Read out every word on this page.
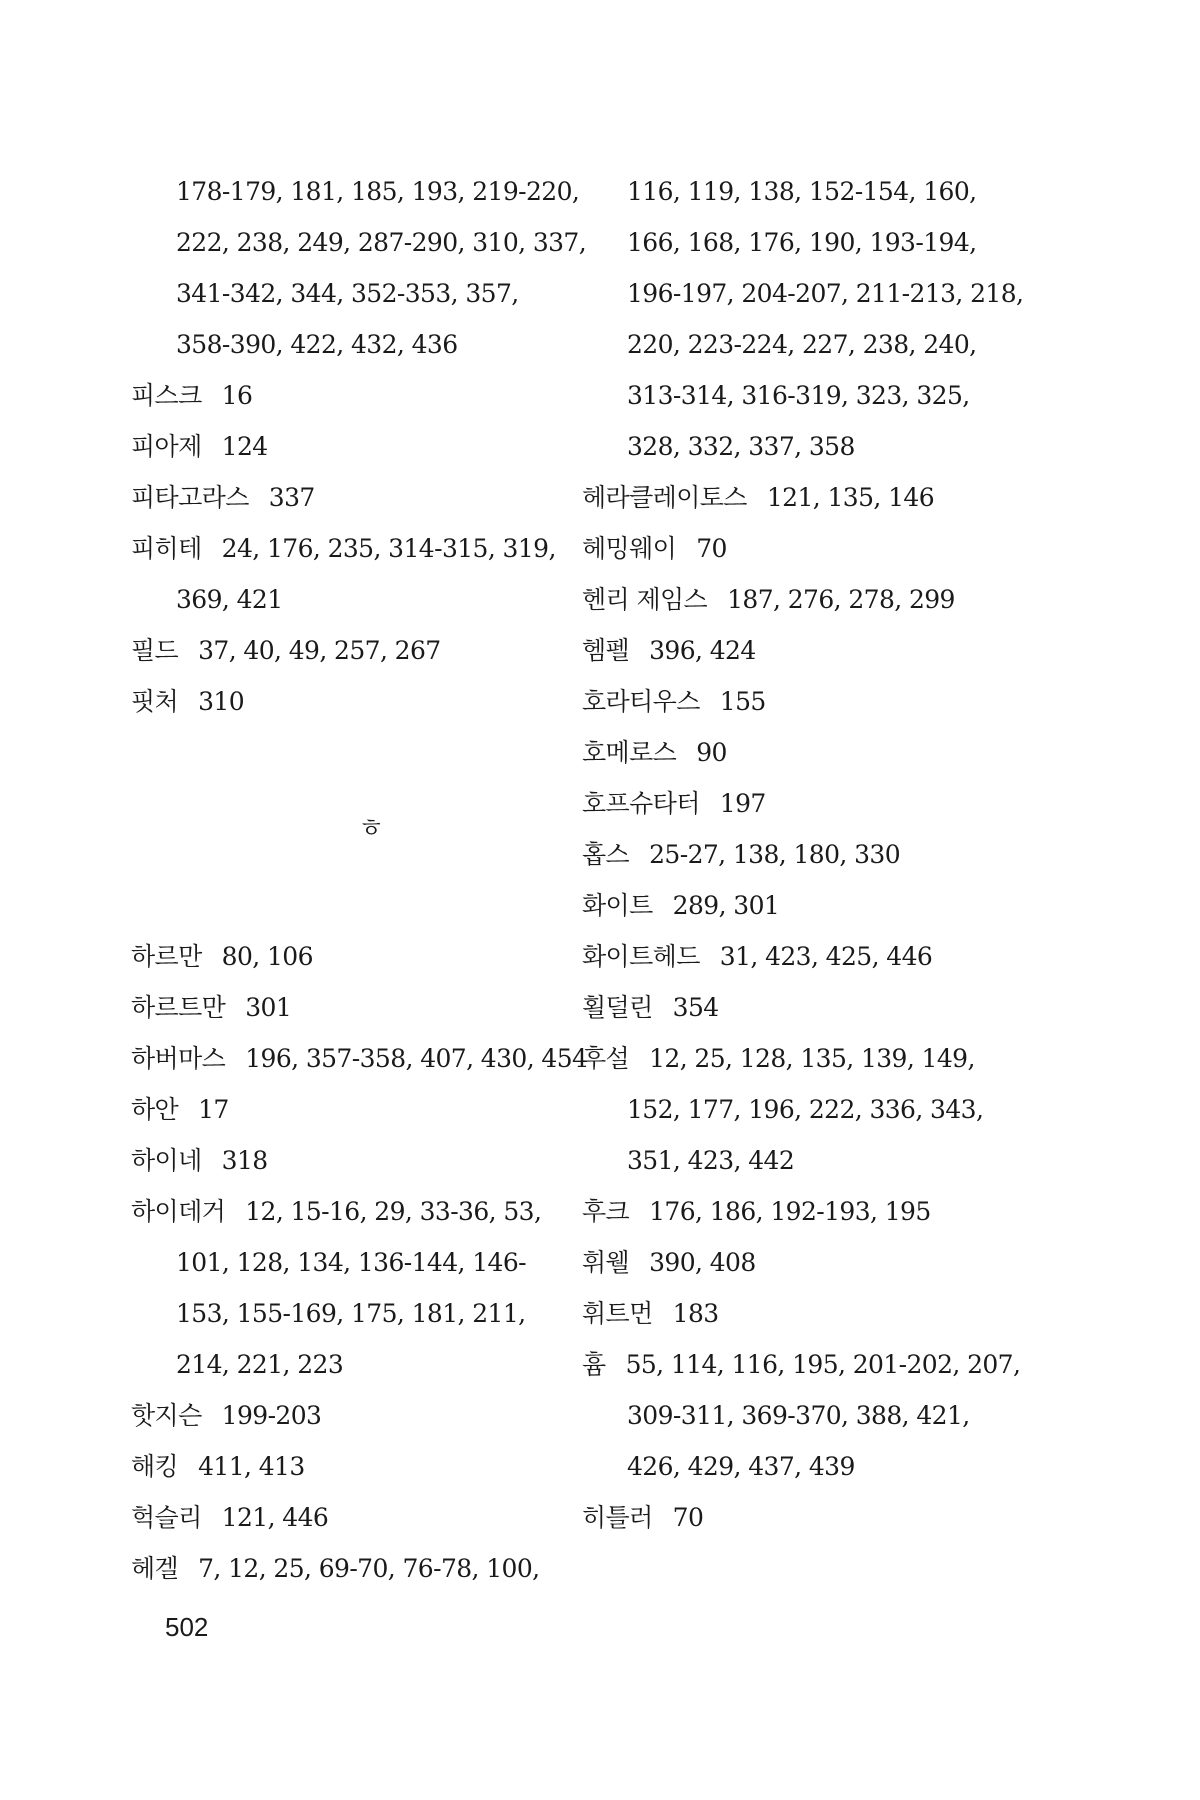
178-179, 181, 185, 193, 219-220,
222, 238, 249, 287-290, 310, 337,
341-342, 344, 352-353, 357,
358-390, 422, 432, 436
피스크 16
피아제 124
피타고라스 337
피히테 24, 176, 235, 314-315, 319,
369, 421
필드 37, 40, 49, 257, 267
핏처 310
ㅎ
하르만 80, 106
하르트만 301
하버마스 196, 357-358, 407, 430, 454
하안 17
하이네 318
하이데거 12, 15-16, 29, 33-36, 53,
101, 128, 134, 136-144, 146-
153, 155-169, 175, 181, 211,
214, 221, 223
핫지슨 199-203
해킹 411, 413
헉슬리 121, 446
헤겔 7, 12, 25, 69-70, 76-78, 100,
116, 119, 138, 152-154, 160,
166, 168, 176, 190, 193-194,
196-197, 204-207, 211-213, 218,
220, 223-224, 227, 238, 240,
313-314, 316-319, 323, 325,
328, 332, 337, 358
헤라클레이토스 121, 135, 146
헤밍웨이 70
헨리 제임스 187, 276, 278, 299
헴펠 396, 424
호라티우스 155
호메로스 90
호프슈타터 197
홉스 25-27, 138, 180, 330
화이트 289, 301
화이트헤드 31, 423, 425, 446
횔덜린 354
후설 12, 25, 128, 135, 139, 149,
152, 177, 196, 222, 336, 343,
351, 423, 442
후크 176, 186, 192-193, 195
휘웰 390, 408
휘트먼 183
흄 55, 114, 116, 195, 201-202, 207,
309-311, 369-370, 388, 421,
426, 429, 437, 439
히틀러 70
502
